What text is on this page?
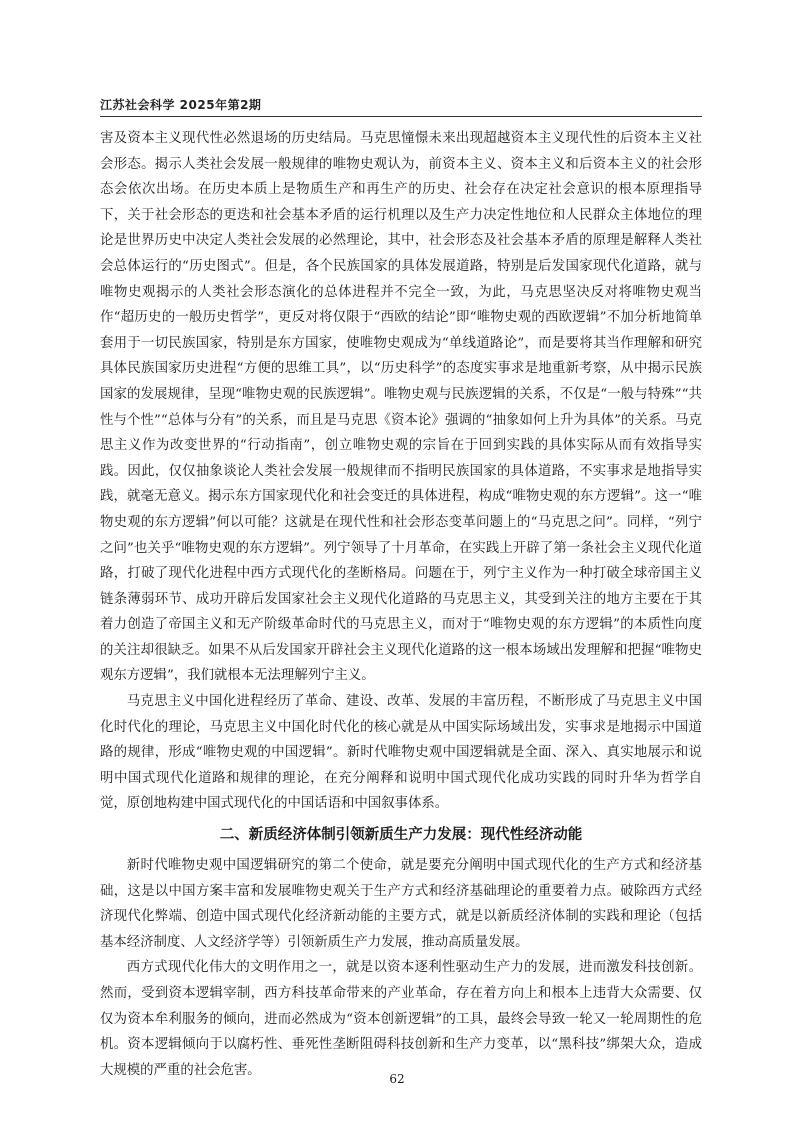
江苏社会科学 2025年第2期

害及资本主义现代性必然退场的历史结局。马克思憧憬未来出现超越资本主义现代性的后资本主义社会形态。揭示人类社会发展一般规律的唯物史观认为，前资本主义、资本主义和后资本主义的社会形态会依次出场。在历史本质上是物质生产和再生产的历史、社会存在决定社会意识的根本原理指导下，关于社会形态的更迭和社会基本矛盾的运行机理以及生产力决定性地位和人民群众主体地位的理论是世界历史中决定人类社会发展的必然理论，其中，社会形态及社会基本矛盾的原理是解释人类社会总体运行的“历史图式”。但是，各个民族国家的具体发展道路，特别是后发国家现代化道路，就与唯物史观揭示的人类社会形态演化的总体进程并不完全一致，为此，马克思坚决反对将唯物史观当作“超历史的一般历史哲学”，更反对将仅限于“西欧的结论”即“唯物史观的西欧逻辑”不加分析地简单套用于一切民族国家，特别是东方国家，使唯物史观成为“单线道路论”，而是要将其当作理解和研究具体民族国家历史进程“方便的思维工具”，以“历史科学”的态度实事求是地重新考察，从中揭示民族国家的发展规律，呈现“唯物史观的民族逻辑”。唯物史观与民族逻辑的关系，不仅是“一般与特殊”“共性与个性”“总体与分有”的关系，而且是马克思《资本论》强调的“抽象如何上升为具体”的关系。马克思主义作为改变世界的“行动指南”，创立唯物史观的宗旨在于回到实践的具体实际从而有效指导实践。因此，仅仅抽象谈论人类社会发展一般规律而不指明民族国家的具体道路，不实事求是地指导实践，就毫无意义。揭示东方国家现代化和社会变迁的具体进程，构成“唯物史观的东方逻辑”。这一“唯物史观的东方逻辑”何以可能？这就是在现代性和社会形态变革问题上的“马克思之问”。同样，“列宁之问”也关乎“唯物史观的东方逻辑”。列宁领导了十月革命，在实践上开辟了第一条社会主义现代化道路，打破了现代化进程中西方式现代化的垄断格局。问题在于，列宁主义作为一种打破全球帝国主义链条薄弱环节、成功开辟后发国家社会主义现代化道路的马克思主义，其受到关注的地方主要在于其着力创造了帝国主义和无产阶级革命时代的马克思主义，而对于“唯物史观的东方逻辑”的本质性向度的关注却很缺乏。如果不从后发国家开辟社会主义现代化道路的这一根本场域出发理解和把握“唯物史观东方逻辑”，我们就根本无法理解列宁主义。

马克思主义中国化进程经历了革命、建设、改革、发展的丰富历程，不断形成了马克思主义中国化时代化的理论，马克思主义中国化时代化的核心就是从中国实际场域出发，实事求是地揭示中国道路的规律，形成“唯物史观的中国逻辑”。新时代唯物史观中国逻辑就是全面、深入、真实地展示和说明中国式现代化道路和规律的理论，在充分阐释和说明中国式现代化成功实践的同时升华为哲学自觉，原创地构建中国式现代化的中国话语和中国叙事体系。

二、新质经济体制引领新质生产力发展：现代性经济动能

新时代唯物史观中国逻辑研究的第二个使命，就是要充分阐明中国式现代化的生产方式和经济基础，这是以中国方案丰富和发展唯物史观关于生产方式和经济基础理论的重要着力点。破除西方式经济现代化弊端、创造中国式现代化经济新动能的主要方式，就是以新质经济体制的实践和理论（包括基本经济制度、人文经济学等）引领新质生产力发展，推动高质量发展。

西方式现代化伟大的文明作用之一，就是以资本逐利性驱动生产力的发展，进而激发科技创新。然而，受到资本逻辑宰制，西方科技革命带来的产业革命，存在着方向上和根本上违背大众需要、仅仅为资本牟利服务的倾向，进而必然成为“资本创新逻辑”的工具，最终会导致一轮又一轮周期性的危机。资本逻辑倾向于以腐朽性、垂死性垄断阻碍科技创新和生产力变革，以“黑科技”绑架大众，造成大规模的严重的社会危害。

62
